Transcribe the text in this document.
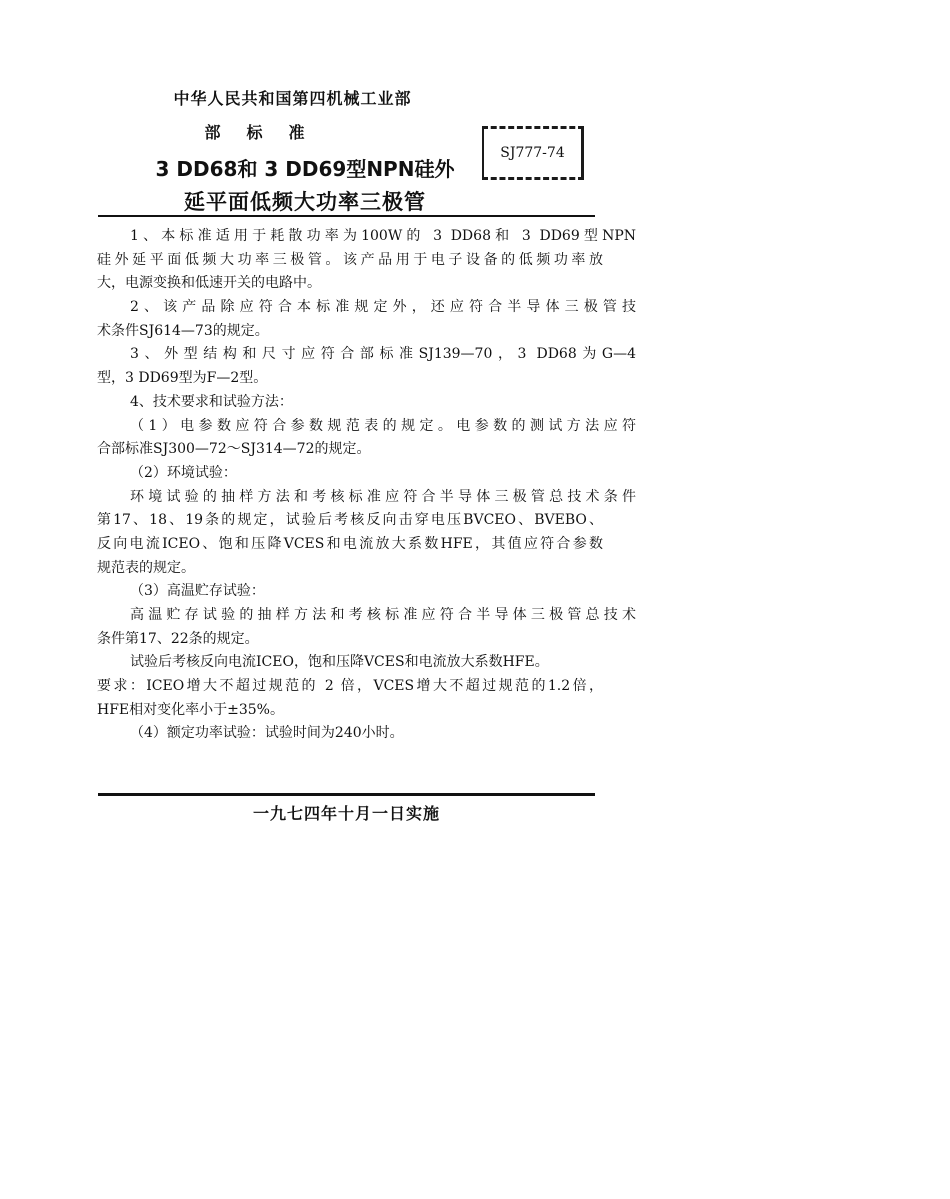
中华人民共和国第四机械工业部
部标准
3 DD68和 3 DD69型NPN硅外
延平面低频大功率三极管
SJ777-74
1、本标准适用于耗散功率为100W的 3 DD68和 3 DD69型NPN
硅外延平面低频大功率三极管。该产品用于电子设备的低频功率放
大，电源变换和低速开关的电路中。
2、该产品除应符合本标准规定外，还应符合半导体三极管技
术条件SJ614—73的规定。
3、外型结构和尺寸应符合部标准SJ139—70，3 DD68为G—4
型，3 DD69型为F—2型。
4、技术要求和试验方法：
（1）电参数应符合参数规范表的规定。电参数的测试方法应符
合部标准SJ300—72～SJ314—72的规定。
（2）环境试验：
环境试验的抽样方法和考核标准应符合半导体三极管总技术条件
第17、18、19条的规定，试验后考核反向击穿电压BVCEO、BVEBO、
反向电流ICEO、饱和压降VCES和电流放大系数HFE，其值应符合参数
规范表的规定。
（3）高温贮存试验：
高温贮存试验的抽样方法和考核标准应符合半导体三极管总技术
条件第17、22条的规定。
试验后考核反向电流ICEO，饱和压降VCES和电流放大系数HFE。
要求：ICEO增大不超过规范的 2 倍，VCES增大不超过规范的1.2倍，
HFE相对变化率小于±35%。
（4）额定功率试验：试验时间为240小时。
一九七四年十月一日实施
